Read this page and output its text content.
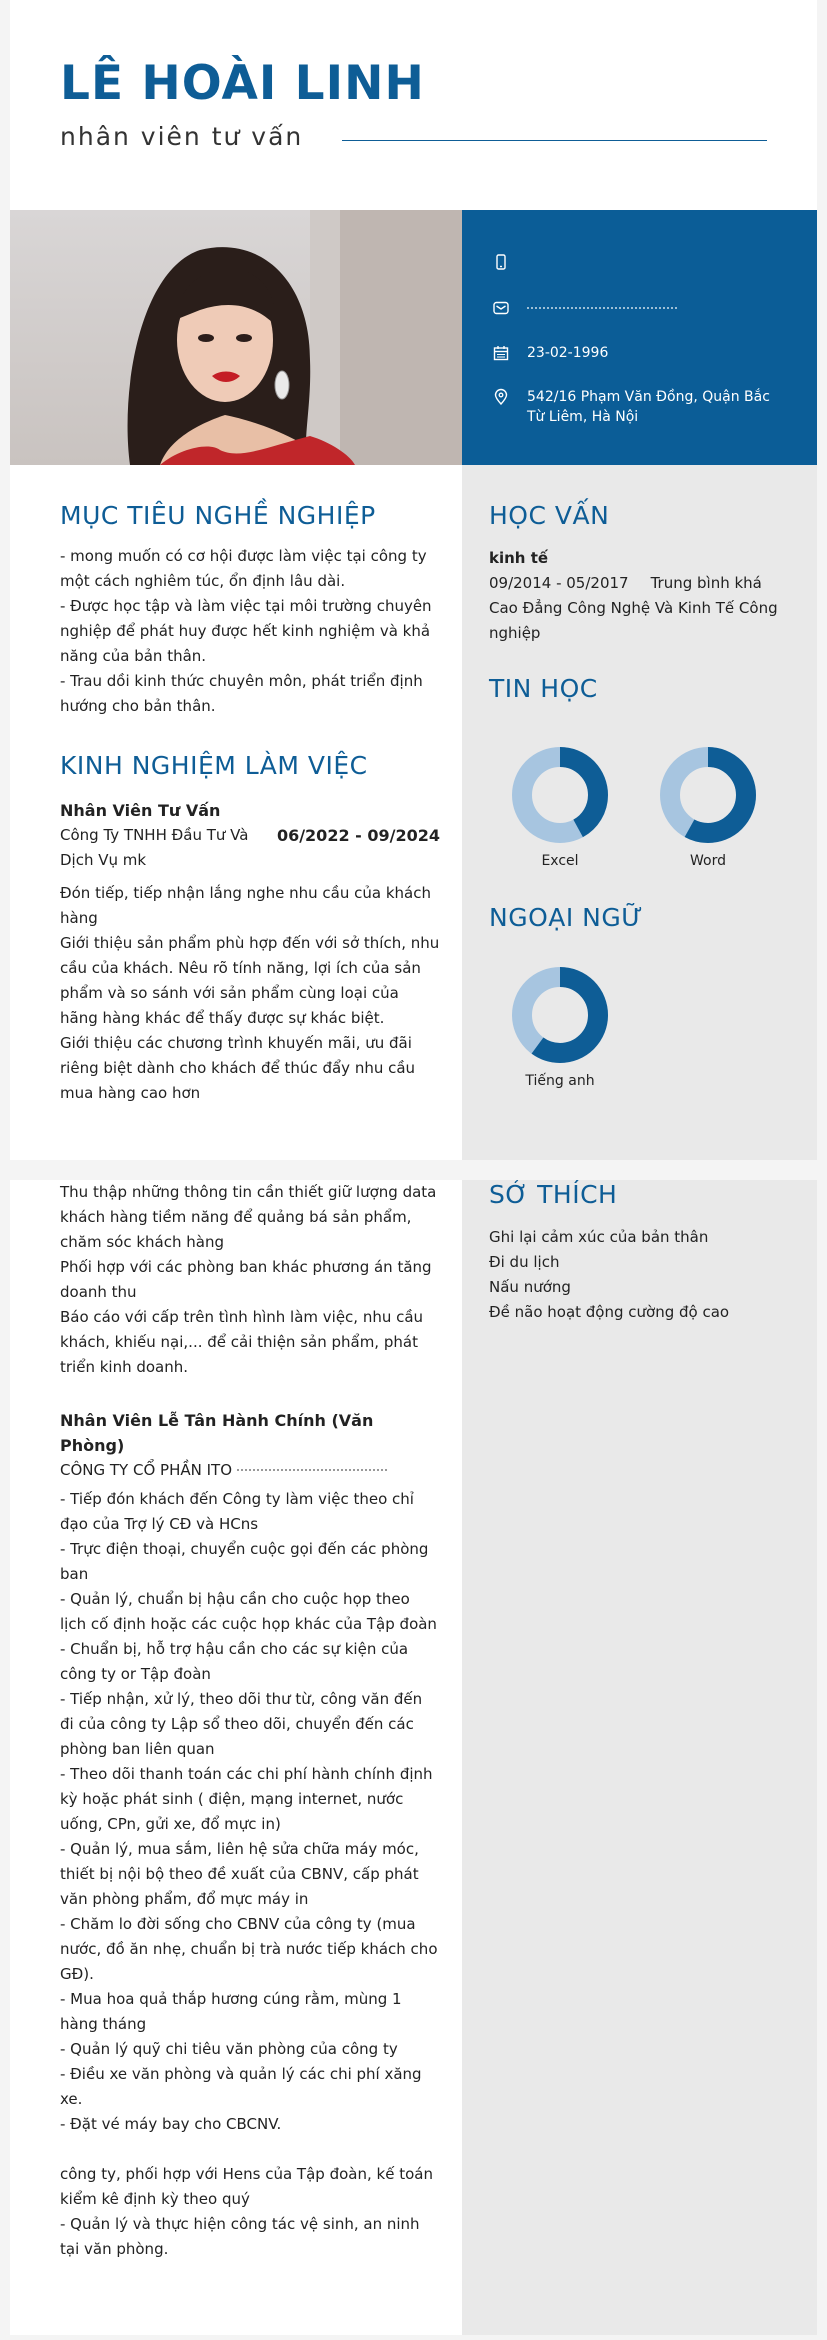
LÊ HOÀI LINH
nhân viên tư vấn
23-02-1996
542/16 Phạm Văn Đồng, Quận Bắc Từ Liêm, Hà Nội
MỤC TIÊU NGHỀ NGHIỆP
- mong muốn có cơ hội được làm việc tại công ty một cách nghiêm túc, ổn định lâu dài.
- Được học tập và làm việc tại môi trường chuyên nghiệp để phát huy được hết kinh nghiệm và khả năng của bản thân.
- Trau dồi kinh thức chuyên môn, phát triển định hướng cho bản thân.
KINH NGHIỆM LÀM VIỆC
Nhân Viên Tư Vấn
Công Ty TNHH Đầu Tư Và Dịch Vụ mk
06/2022 - 09/2024
Đón tiếp, tiếp nhận lắng nghe nhu cầu của khách hàng
Giới thiệu sản phẩm phù hợp đến với sở thích, nhu cầu của khách. Nêu rõ tính năng, lợi ích của sản phẩm và so sánh với sản phẩm cùng loại của hãng hàng khác để thấy được sự khác biệt.
Giới thiệu các chương trình khuyến mãi, ưu đãi riêng biệt dành cho khách để thúc đẩy nhu cầu mua hàng cao hơn
HỌC VẤN
kinh tế
09/2014 - 05/2017 Trung bình khá
Cao Đẳng Công Nghệ Và Kinh Tế Công nghiệp
TIN HỌC
Excel	Word
NGOẠI NGỮ
Tiếng anh
Thu thập những thông tin cần thiết giữ lượng data khách hàng tiềm năng để quảng bá sản phẩm, chăm sóc khách hàng
Phối hợp với các phòng ban khác phương án tăng doanh thu
Báo cáo với cấp trên tình hình làm việc, nhu cầu khách, khiếu nại,... để cải thiện sản phẩm, phát triển kinh doanh.
Nhân Viên Lễ Tân Hành Chính (Văn Phòng)
CÔNG TY CỔ PHẦN ITO
- Tiếp đón khách đến Công ty làm việc theo chỉ đạo của Trợ lý CĐ và HCns
- Trực điện thoại, chuyển cuộc gọi đến các phòng ban
- Quản lý, chuẩn bị hậu cần cho cuộc họp theo lịch cố định hoặc các cuộc họp khác của Tập đoàn
- Chuẩn bị, hỗ trợ hậu cần cho các sự kiện của công ty or Tập đoàn
- Tiếp nhận, xử lý, theo dõi thư từ, công văn đến đi của công ty Lập sổ theo dõi, chuyển đến các phòng ban liên quan
- Theo dõi thanh toán các chi phí hành chính định kỳ hoặc phát sinh ( điện, mạng internet, nước uống, CPn, gửi xe, đổ mực in)
- Quản lý, mua sắm, liên hệ sửa chữa máy móc, thiết bị nội bộ theo đề xuất của CBNV, cấp phát văn phòng phẩm, đổ mực máy in
- Chăm lo đời sống cho CBNV của công ty (mua nước, đồ ăn nhẹ, chuẩn bị trà nước tiếp khách cho GĐ).
- Mua hoa quả thắp hương cúng rằm, mùng 1 hàng tháng
- Quản lý quỹ chi tiêu văn phòng của công ty
- Điều xe văn phòng và quản lý các chi phí xăng xe.
- Đặt vé máy bay cho CBCNV.
công ty, phối hợp với Hens của Tập đoàn, kế toán kiểm kê định kỳ theo quý
- Quản lý và thực hiện công tác vệ sinh, an ninh tại văn phòng.
SỞ THÍCH
Ghi lại cảm xúc của bản thân
Đi du lịch
Nấu nướng
Đề não hoạt động cường độ cao
